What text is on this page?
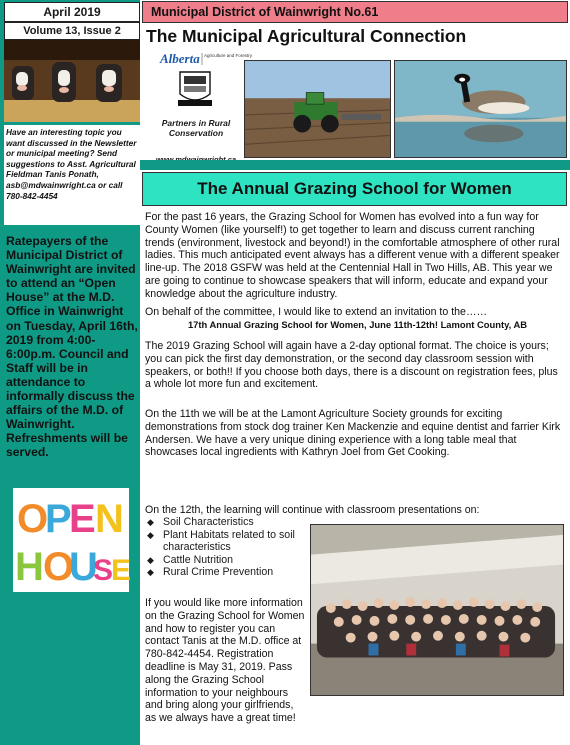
April 2019
Volume 13, Issue 2
Have an interesting topic you want discussed in the Newsletter or municipal meeting? Send suggestions to Asst. Agricultural Fieldman Tanis Ponath, asb@mdwainwright.ca or call 780-842-4454
Ratepayers of the Municipal District of Wainwright are invited to attend an “Open House” at the M.D. Office in Wainwright on Tuesday, April 16th, 2019 from 4:00-6:00p.m. Council and Staff will be in attendance to informally discuss the affairs of the M.D. of Wainwright. Refreshments will be served.
O
P
E N
H O
U
S
E
Municipal District of Wainwright No.61
The Municipal Agricultural Connection
Alberta Agriculture and Forestry
Partners in Rural Conservation
The Annual Grazing School for Women
For the past 16 years, the Grazing School for Women has evolved into a fun way for County Women (like yourself!) to get together to learn and discuss current ranching trends (environment, livestock and beyond!) in the comfortable atmosphere of other rural ladies. This much anticipated event always has a different venue with a different speaker line-up. The 2018 GSFW was held at the Centennial Hall in Two Hills, AB. This year we are going to continue to showcase speakers that will inform, educate and expand your knowledge about the agriculture industry.
On behalf of the committee, I would like to extend an invitation to the……
17th Annual Grazing School for Women, June 11th-12th! Lamont County, AB
The 2019 Grazing School will again have a 2-day optional format. The choice is yours; you can pick the first day demonstration, or the second day classroom session with speakers, or both!! If you choose both days, there is a discount on registration fees, plus a whole lot more fun and excitement.
On the 11th we will be at the Lamont Agriculture Society grounds for exciting demonstrations from stock dog trainer Ken Mackenzie and equine dentist and farrier Kirk Andersen. We have a very unique dining experience with a long table meal that showcases local ingredients with Kathryn Joel from Get Cooking.
On the 12th, the learning will continue with classroom presentations on:
◆ Soil Characteristics
◆ Plant Habitats related to soil characteristics
◆ Cattle Nutrition
◆ Rural Crime Prevention
If you would like more information on the Grazing School for Women and how to register you can contact Tanis at the M.D. office at 780-842-4454. Registration deadline is May 31, 2019. Pass along the Grazing School information to your neighbours and bring along your girlfriends, as we always have a great time!
